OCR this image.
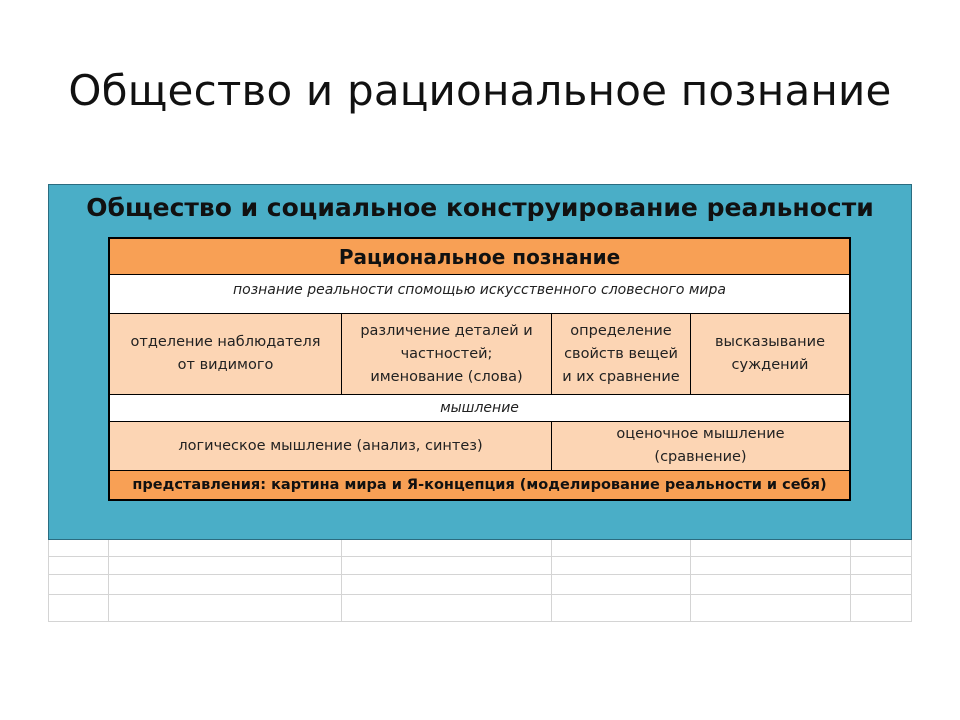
Общество и рациональное познание
Общество и социальное конструирование реальности
Рациональное познание
познание реальности спомощью искусственного словесного мира
отделение наблюдателя
от видимого
различение деталей и
частностей;
именование (слова)
определение
свойств вещей
и их сравнение
высказывание
суждений
мышление
логическое мышление (анализ, синтез)
оценочное мышление
(сравнение)
представления: картина мира и Я-концепция (моделирование реальности и себя)
